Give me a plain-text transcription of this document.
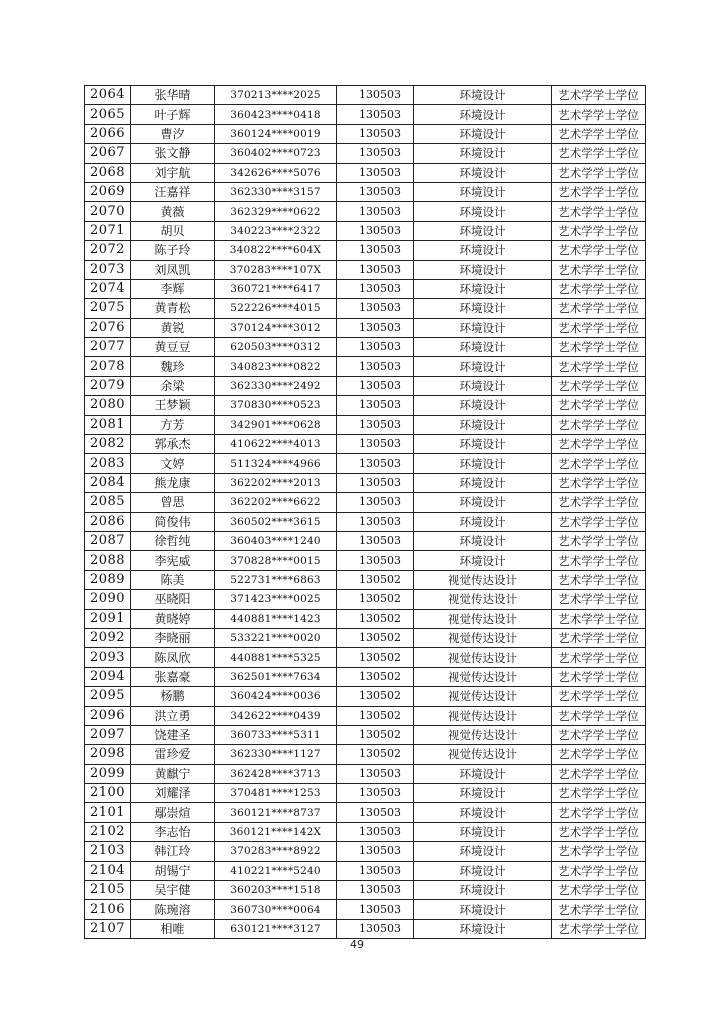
2064	张华晴	370213****2025	130503	环境设计	艺术学学士学位
2065	叶子辉	360423****0418	130503	环境设计	艺术学学士学位
2066	曹汐	360124****0019	130503	环境设计	艺术学学士学位
2067	张文静	360402****0723	130503	环境设计	艺术学学士学位
2068	刘宇航	342626****5076	130503	环境设计	艺术学学士学位
2069	汪嘉祥	362330****3157	130503	环境设计	艺术学学士学位
2070	黄薇	362329****0622	130503	环境设计	艺术学学士学位
2071	胡贝	340223****2322	130503	环境设计	艺术学学士学位
2072	陈子玲	340822****604X	130503	环境设计	艺术学学士学位
2073	刘凤凯	370283****107X	130503	环境设计	艺术学学士学位
2074	李辉	360721****6417	130503	环境设计	艺术学学士学位
2075	黄青松	522226****4015	130503	环境设计	艺术学学士学位
2076	黄锐	370124****3012	130503	环境设计	艺术学学士学位
2077	黄豆豆	620503****0312	130503	环境设计	艺术学学士学位
2078	魏珍	340823****0822	130503	环境设计	艺术学学士学位
2079	余梁	362330****2492	130503	环境设计	艺术学学士学位
2080	王梦颖	370830****0523	130503	环境设计	艺术学学士学位
2081	方芳	342901****0628	130503	环境设计	艺术学学士学位
2082	郭承杰	410622****4013	130503	环境设计	艺术学学士学位
2083	文婷	511324****4966	130503	环境设计	艺术学学士学位
2084	熊龙康	362202****2013	130503	环境设计	艺术学学士学位
2085	曾思	362202****6622	130503	环境设计	艺术学学士学位
2086	简俊伟	360502****3615	130503	环境设计	艺术学学士学位
2087	徐哲纯	360403****1240	130503	环境设计	艺术学学士学位
2088	李宪威	370828****0015	130503	环境设计	艺术学学士学位
2089	陈美	522731****6863	130502	视觉传达设计	艺术学学士学位
2090	巫晓阳	371423****0025	130502	视觉传达设计	艺术学学士学位
2091	黄晓婷	440881****1423	130502	视觉传达设计	艺术学学士学位
2092	李晓丽	533221****0020	130502	视觉传达设计	艺术学学士学位
2093	陈凤欣	440881****5325	130502	视觉传达设计	艺术学学士学位
2094	张嘉豪	362501****7634	130502	视觉传达设计	艺术学学士学位
2095	杨鹏	360424****0036	130502	视觉传达设计	艺术学学士学位
2096	洪立勇	342622****0439	130502	视觉传达设计	艺术学学士学位
2097	饶建圣	360733****5311	130502	视觉传达设计	艺术学学士学位
2098	雷珍爱	362330****1127	130502	视觉传达设计	艺术学学士学位
2099	黄麒宁	362428****3713	130503	环境设计	艺术学学士学位
2100	刘耀泽	370481****1253	130503	环境设计	艺术学学士学位
2101	鄢崇煊	360121****8737	130503	环境设计	艺术学学士学位
2102	李志怡	360121****142X	130503	环境设计	艺术学学士学位
2103	韩江玲	370283****8922	130503	环境设计	艺术学学士学位
2104	胡锡宁	410221****5240	130503	环境设计	艺术学学士学位
2105	吴宇健	360203****1518	130503	环境设计	艺术学学士学位
2106	陈琬溶	360730****0064	130503	环境设计	艺术学学士学位
2107	相唯	630121****3127	130503	环境设计	艺术学学士学位
49
